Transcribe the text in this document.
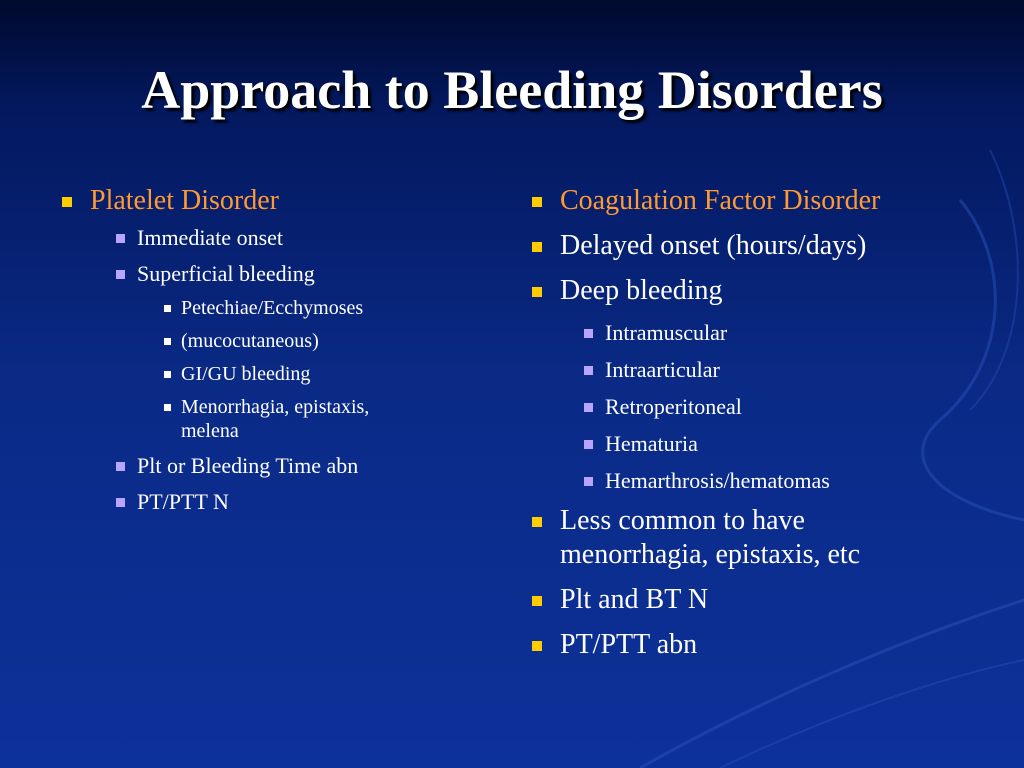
Approach to Bleeding Disorders
Platelet Disorder
Immediate onset
Superficial bleeding
Petechiae/Ecchymoses
(mucocutaneous)
GI/GU bleeding
Menorrhagia, epistaxis, melena
Plt or Bleeding Time abn
PT/PTT N
Coagulation Factor Disorder
Delayed onset (hours/days)
Deep bleeding
Intramuscular
Intraarticular
Retroperitoneal
Hematuria
Hemarthrosis/hematomas
Less common to have menorrhagia, epistaxis, etc
Plt and BT N
PT/PTT abn
